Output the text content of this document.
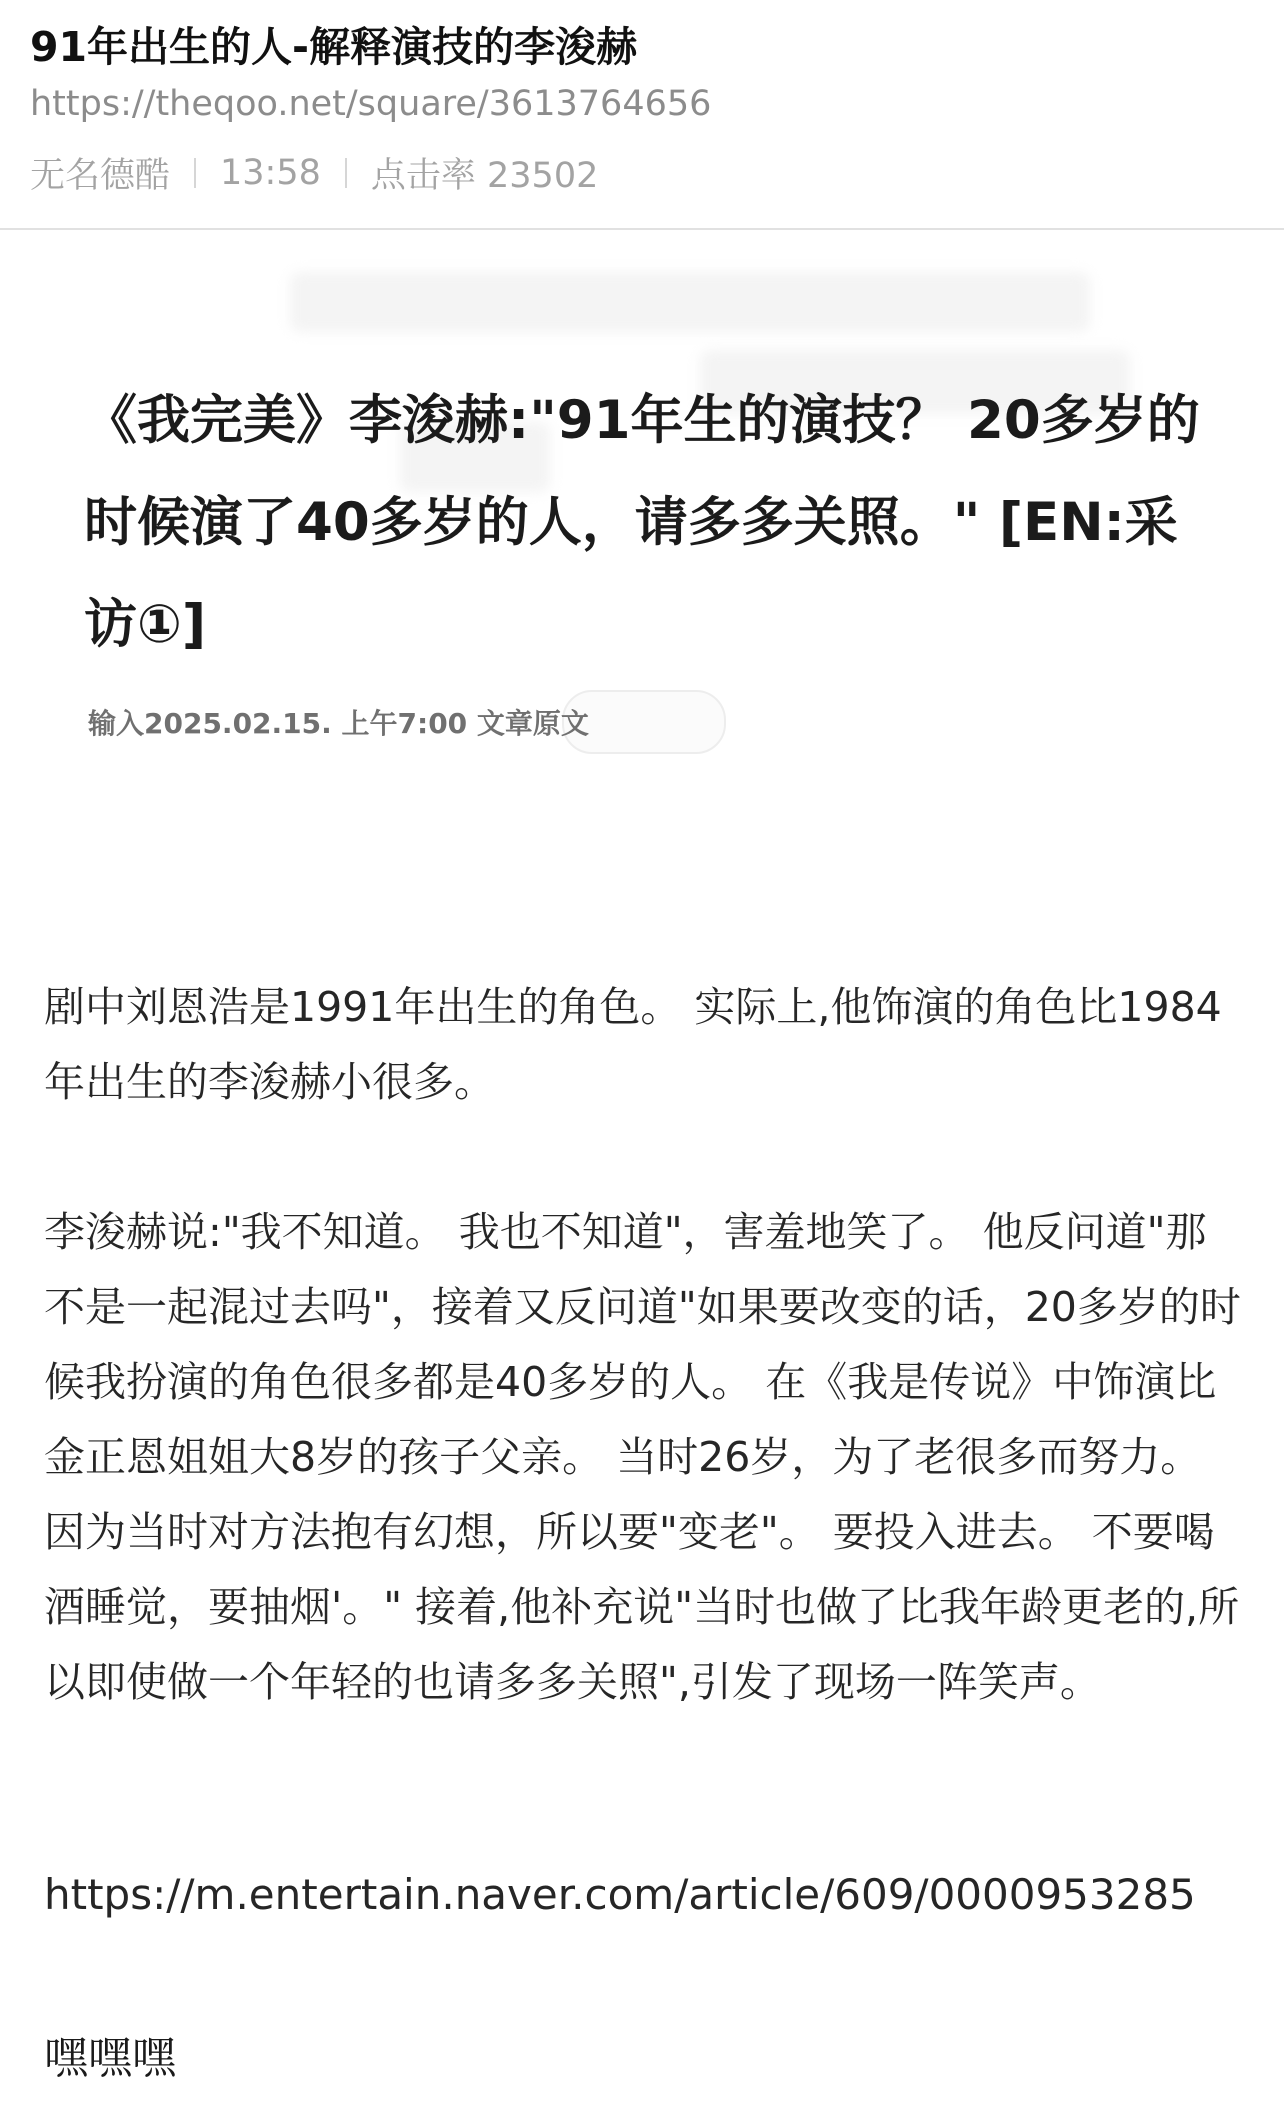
91年出生的人-解释演技的李浚赫
https://theqoo.net/square/3613764656
无名德酷 13:58 点击率 23502
《我完美》李浚赫:"91年生的演技？ 20多岁的时候演了40多岁的人，请多多关照。" [EN:采访①]
输入2025.02.15. 上午7:00 文章原文

剧中刘恩浩是1991年出生的角色。 实际上,他饰演的角色比1984年出生的李浚赫小很多。

李浚赫说:"我不知道。 我也不知道"，害羞地笑了。 他反问道"那不是一起混过去吗"，接着又反问道"如果要改变的话，20多岁的时候我扮演的角色很多都是40多岁的人。 在《我是传说》中饰演比金正恩姐姐大8岁的孩子父亲。 当时26岁，为了老很多而努力。 因为当时对方法抱有幻想，所以要"变老"。 要投入进去。 不要喝酒睡觉，要抽烟'。" 接着,他补充说"当时也做了比我年龄更老的,所以即使做一个年轻的也请多多关照",引发了现场一阵笑声。

https://m.entertain.naver.com/article/609/0000953285
嘿嘿嘿
